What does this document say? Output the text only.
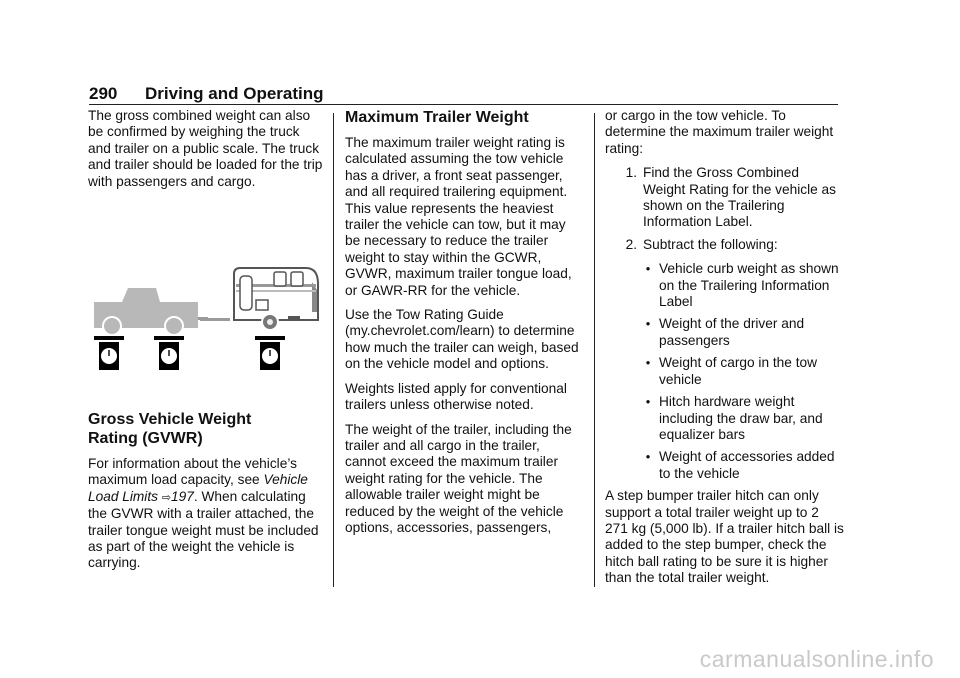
290 Driving and Operating

The gross combined weight can also be confirmed by weighing the truck and trailer on a public scale. The truck and trailer should be loaded for the trip with passengers and cargo.

Gross Vehicle Weight
Rating (GVWR)

For information about the vehicle’s maximum load capacity, see Vehicle Load Limits ⇨197. When calculating the GVWR with a trailer attached, the trailer tongue weight must be included as part of the weight the vehicle is carrying.

Maximum Trailer Weight

The maximum trailer weight rating is calculated assuming the tow vehicle has a driver, a front seat passenger, and all required trailering equipment. This value represents the heaviest trailer the vehicle can tow, but it may be necessary to reduce the trailer weight to stay within the GCWR, GVWR, maximum trailer tongue load, or GAWR-RR for the vehicle.

Use the Tow Rating Guide (my.chevrolet.com/learn) to determine how much the trailer can weigh, based on the vehicle model and options.

Weights listed apply for conventional trailers unless otherwise noted.

The weight of the trailer, including the trailer and all cargo in the trailer, cannot exceed the maximum trailer weight rating for the vehicle. The allowable trailer weight might be reduced by the weight of the vehicle options, accessories, passengers,

or cargo in the tow vehicle. To determine the maximum trailer weight rating:

1. Find the Gross Combined Weight Rating for the vehicle as shown on the Trailering Information Label.
2. Subtract the following:
● Vehicle curb weight as shown on the Trailering Information Label
● Weight of the driver and passengers
● Weight of cargo in the tow vehicle
● Hitch hardware weight including the draw bar, and equalizer bars
● Weight of accessories added to the vehicle

A step bumper trailer hitch can only support a total trailer weight up to 2 271 kg (5,000 lb). If a trailer hitch ball is added to the step bumper, check the hitch ball rating to be sure it is higher than the total trailer weight.

carmanualsonline.info
